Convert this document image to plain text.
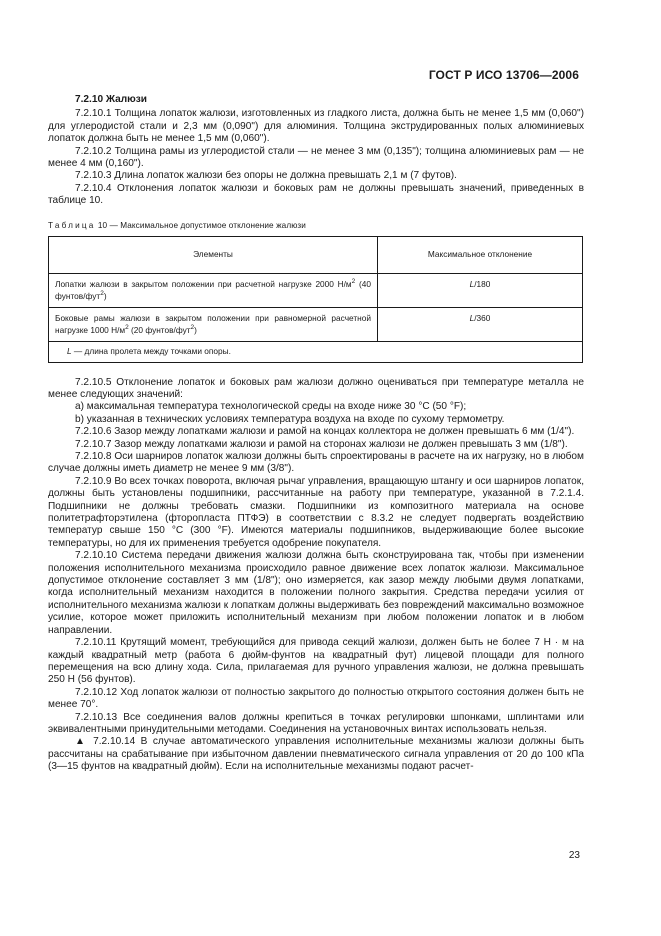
ГОСТ Р ИСО 13706—2006

7.2.10 Жалюзи

7.2.10.1 Толщина лопаток жалюзи, изготовленных из гладкого листа, должна быть не менее 1,5 мм (0,060") для углеродистой стали и 2,3 мм (0,090") для алюминия. Толщина экструдированных полых алюминиевых лопаток должна быть не менее 1,5 мм (0,060").

7.2.10.2 Толщина рамы из углеродистой стали — не менее 3 мм (0,135"); толщина алюминиевых рам — не менее 4 мм (0,160").

7.2.10.3 Длина лопаток жалюзи без опоры не должна превышать 2,1 м (7 футов).

7.2.10.4 Отклонения лопаток жалюзи и боковых рам не должны превышать значений, приведенных в таблице 10.

Таблица 10 — Максимальное допустимое отклонение жалюзи
Элементы	Максимальное отклонение
Лопатки жалюзи в закрытом положении при расчетной нагрузке 2000 $Н/м^2$ (40 фунтов/фут$^2$)	L/180
Боковые рамы жалюзи в закрытом положении при равномерной расчетной нагрузке 1000 $Н/м^2$ (20 фунтов/фут$^2$)	L/360
L — длина пролета между точками опоры.	

7.2.10.5 Отклонение лопаток и боковых рам жалюзи должно оцениваться при температуре металла не менее следующих значений:

a) максимальная температура технологической среды на входе ниже 30 °С (50 °F);

b) указанная в технических условиях температура воздуха на входе по сухому термометру.

7.2.10.6 Зазор между лопатками жалюзи и рамой на концах коллектора не должен превышать 6 мм (1/4").

7.2.10.7 Зазор между лопатками жалюзи и рамой на сторонах жалюзи не должен превышать 3 мм (1/8").

7.2.10.8 Оси шарниров лопаток жалюзи должны быть спроектированы в расчете на их нагрузку, но в любом случае должны иметь диаметр не менее 9 мм (3/8").

7.2.10.9 Во всех точках поворота, включая рычаг управления, вращающую штангу и оси шарниров лопаток, должны быть установлены подшипники, рассчитанные на работу при температуре, указанной в 7.2.1.4. Подшипники не должны требовать смазки. Подшипники из композитного материала на основе политетрафторэтилена (фторопласта ПТФЭ) в соответствии с 8.3.2 не следует подвергать воздействию температур свыше 150 °С (300 °F). Имеются материалы подшипников, выдерживающие более высокие температуры, но для их применения требуется одобрение покупателя.

7.2.10.10 Система передачи движения жалюзи должна быть сконструирована так, чтобы при изменении положения исполнительного механизма происходило равное движение всех лопаток жалюзи. Максимальное допустимое отклонение составляет 3 мм (1/8"); оно измеряется, как зазор между любыми двумя лопатками, когда исполнительный механизм находится в положении полного закрытия. Средства передачи усилия от исполнительного механизма жалюзи к лопаткам должны выдерживать без повреждений максимально возможное усилие, которое может приложить исполнительный механизм при любом положении лопаток и в любом направлении.

7.2.10.11 Крутящий момент, требующийся для привода секций жалюзи, должен быть не более 7 Н · м на каждый квадратный метр (работа 6 дюйм-фунтов на квадратный фут) лицевой площади для полного перемещения на всю длину хода. Сила, прилагаемая для ручного управления жалюзи, не должна превышать 250 Н (56 фунтов).

7.2.10.12 Ход лопаток жалюзи от полностью закрытого до полностью открытого состояния должен быть не менее 70°.

7.2.10.13 Все соединения валов должны крепиться в точках регулировки шпонками, шплинтами или эквивалентными принудительными методами. Соединения на установочных винтах использовать нельзя.

▲ 7.2.10.14 В случае автоматического управления исполнительные механизмы жалюзи должны быть рассчитаны на срабатывание при избыточном давлении пневматического сигнала управления от 20 до 100 кПа (3—15 фунтов на квадратный дюйм). Если на исполнительные механизмы подают расчет-

23
